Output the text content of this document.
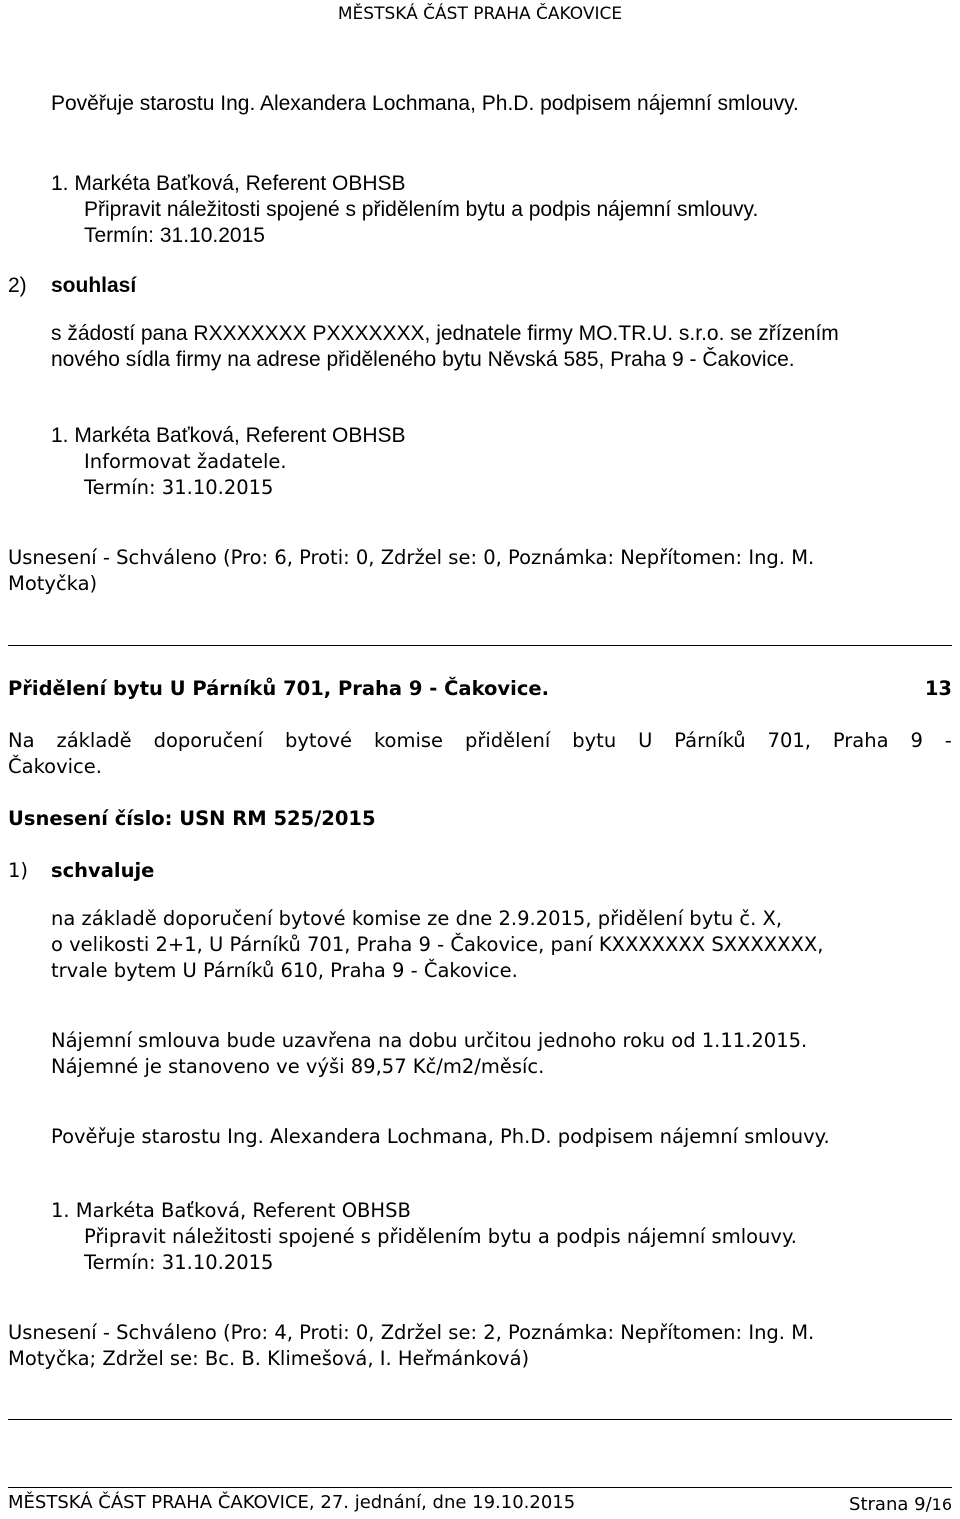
MĚSTSKÁ ČÁST PRAHA ČAKOVICE
Pověřuje starostu Ing. Alexandera Lochmana, Ph.D. podpisem nájemní smlouvy.
1. Markéta Baťková, Referent OBHSB
Připravit náležitosti spojené s přidělením bytu a podpis nájemní smlouvy.
Termín: 31.10.2015
2) souhlasí
s žádostí pana RXXXXXXX PXXXXXXX, jednatele firmy MO.TR.U. s.r.o. se zřízením
nového sídla firmy na adrese přiděleného bytu Něvská 585, Praha 9 - Čakovice.
1. Markéta Baťková, Referent OBHSB
Informovat žadatele.
Termín: 31.10.2015
Usnesení - Schváleno (Pro: 6, Proti: 0, Zdržel se: 0, Poznámka: Nepřítomen: Ing. M.
Motyčka)
Přidělení bytu U Párníků 701, Praha 9 - Čakovice.	13
Na základě doporučení bytové komise přidělení bytu U Párníků 701, Praha 9 -
Čakovice.
Usnesení číslo: USN RM 525/2015
1) schvaluje
na základě doporučení bytové komise ze dne 2.9.2015, přidělení bytu č. X,
o velikosti 2+1, U Párníků 701, Praha 9 - Čakovice, paní KXXXXXXX SXXXXXXX,
trvale bytem U Párníků 610, Praha 9 - Čakovice.
Nájemní smlouva bude uzavřena na dobu určitou jednoho roku od 1.11.2015.
Nájemné je stanoveno ve výši 89,57 Kč/m2/měsíc.
Pověřuje starostu Ing. Alexandera Lochmana, Ph.D. podpisem nájemní smlouvy.
1. Markéta Baťková, Referent OBHSB
Připravit náležitosti spojené s přidělením bytu a podpis nájemní smlouvy.
Termín: 31.10.2015
Usnesení - Schváleno (Pro: 4, Proti: 0, Zdržel se: 2, Poznámka: Nepřítomen: Ing. M.
Motyčka; Zdržel se: Bc. B. Klimešová, I. Heřmánková)
MĚSTSKÁ ČÁST PRAHA ČAKOVICE, 27. jednání, dne 19.10.2015	Strana 9/16
